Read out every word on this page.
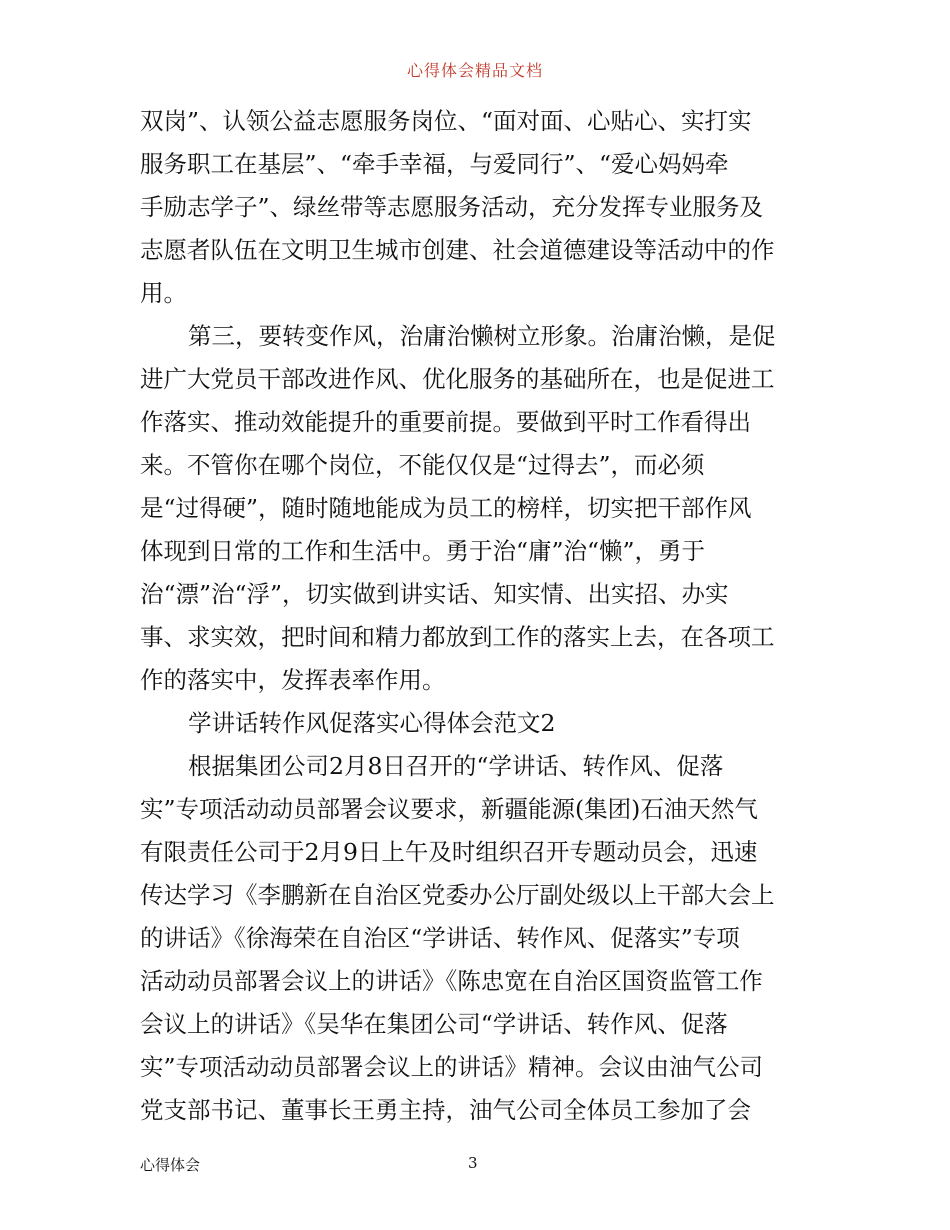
心得体会精品文档
双岗”、认领公益志愿服务岗位、“面对面、心贴心、实打实
服务职工在基层”、“牵手幸福，与爱同行”、“爱心妈妈牵
手励志学子”、绿丝带等志愿服务活动，充分发挥专业服务及
志愿者队伍在文明卫生城市创建、社会道德建设等活动中的作
用。
第三，要转变作风，治庸治懒树立形象。治庸治懒，是促
进广大党员干部改进作风、优化服务的基础所在，也是促进工
作落实、推动效能提升的重要前提。要做到平时工作看得出
来。不管你在哪个岗位，不能仅仅是“过得去”，而必须
是“过得硬”，随时随地能成为员工的榜样，切实把干部作风
体现到日常的工作和生活中。勇于治“庸”治“懒”，勇于
治“漂”治“浮”，切实做到讲实话、知实情、出实招、办实
事、求实效，把时间和精力都放到工作的落实上去，在各项工
作的落实中，发挥表率作用。
学讲话转作风促落实心得体会范文2
根据集团公司2月8日召开的“学讲话、转作风、促落
实”专项活动动员部署会议要求，新疆能源(集团)石油天然气
有限责任公司于2月9日上午及时组织召开专题动员会，迅速
传达学习《李鹏新在自治区党委办公厅副处级以上干部大会上
的讲话》《徐海荣在自治区“学讲话、转作风、促落实”专项
活动动员部署会议上的讲话》《陈忠宽在自治区国资监管工作
会议上的讲话》《吴华在集团公司“学讲话、转作风、促落
实”专项活动动员部署会议上的讲话》精神。会议由油气公司
党支部书记、董事长王勇主持，油气公司全体员工参加了会
心得体会	3
